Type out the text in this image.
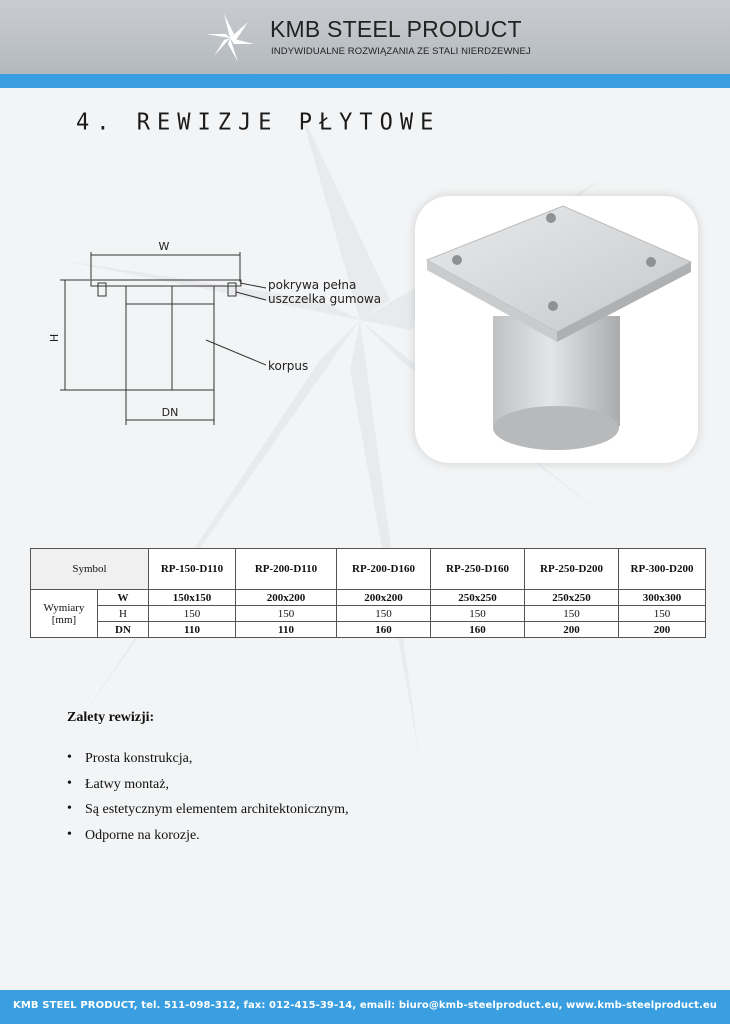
KMB STEEL PRODUCT
INDYWIDUALNE ROZWIĄZANIA ZE STALI NIERDZEWNEJ
4. REWIZJE PŁYTOWE
W
H
DN
pokrywa pełna
uszczelka gumowa
korpus
Symbol		RP-150-D110	RP-200-D110	RP-200-D160	RP-250-D160	RP-250-D200	RP-300-D200
Wymiary [mm]	W	150x150	200x200	200x200	250x250	250x250	300x300
	H	150	150	150	150	150	150
	DN	110	110	160	160	200	200
Zalety rewizji:
• Prosta konstrukcja,
• Łatwy montaż,
• Są estetycznym elementem architektonicznym,
• Odporne na korozje.
KMB STEEL PRODUCT, tel. 511-098-312, fax: 012-415-39-14, email: biuro@kmb-steelproduct.eu, www.kmb-steelproduct.eu
